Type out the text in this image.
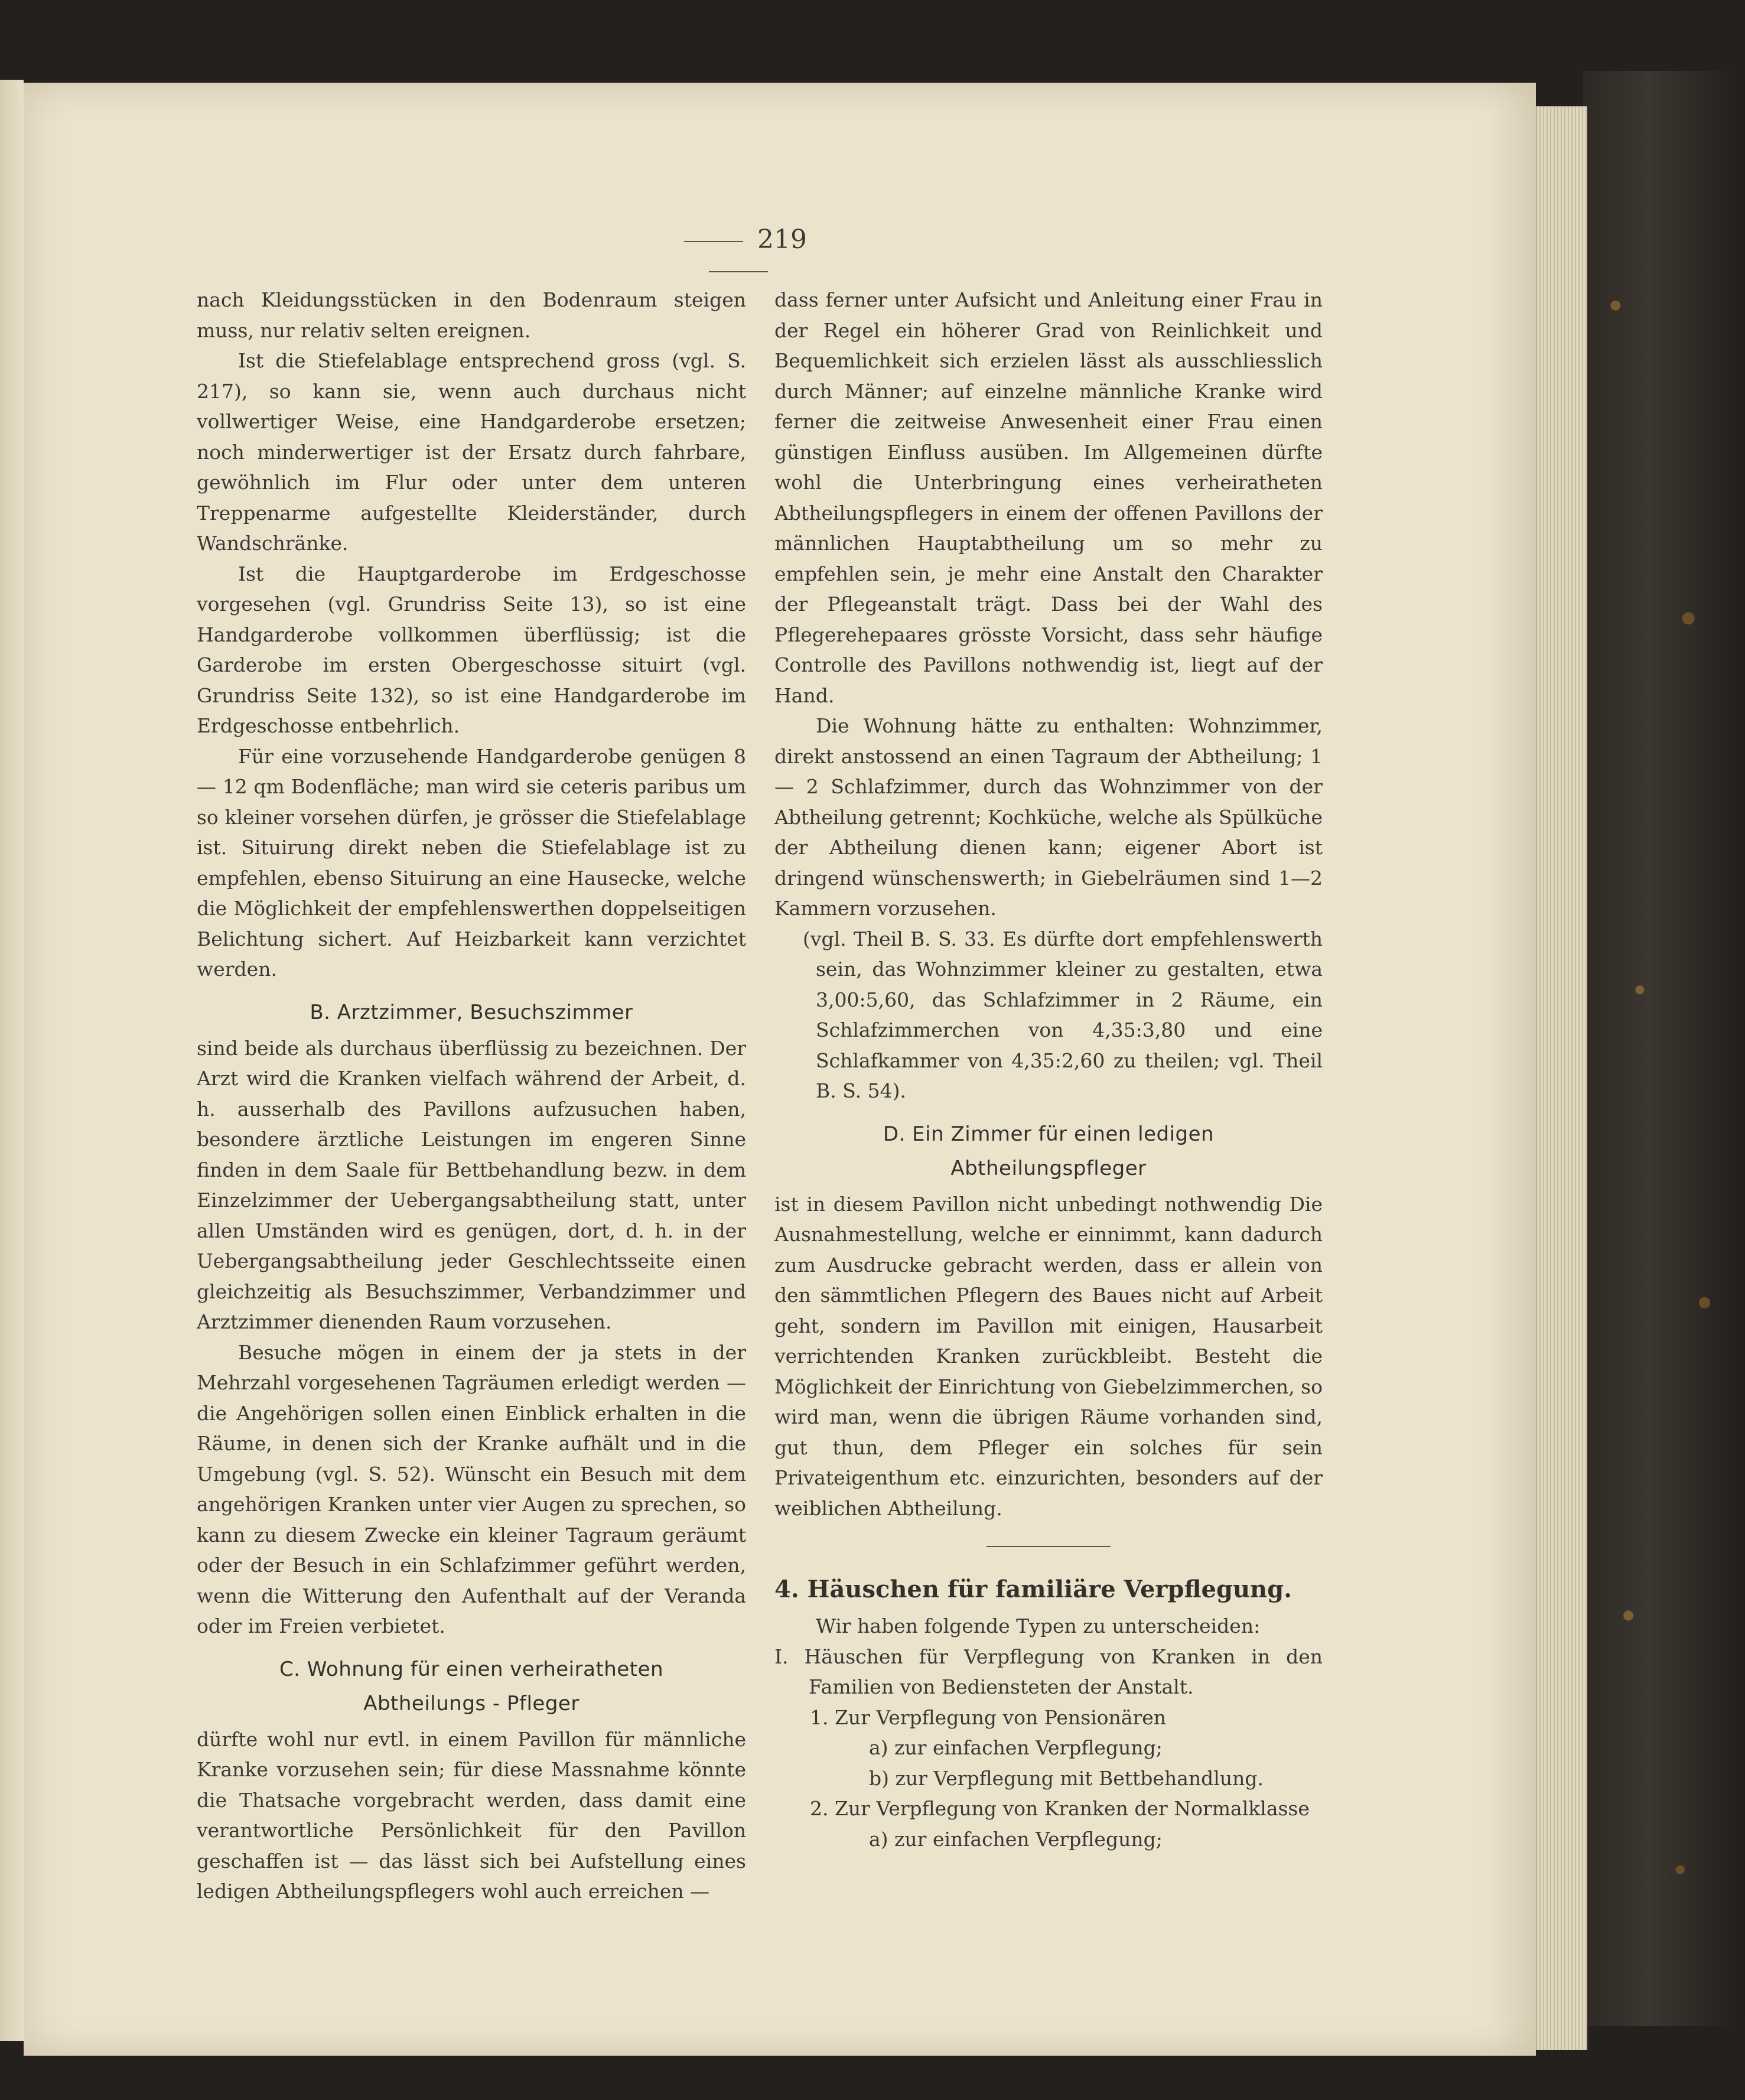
219

nach Kleidungsstücken in den Bodenraum steigen muss, nur relativ selten ereignen.

Ist die Stiefelablage entsprechend gross (vgl. S. 217), so kann sie, wenn auch durchaus nicht vollwertiger Weise, eine Handgarderobe ersetzen; noch minderwertiger ist der Ersatz durch fahrbare, gewöhnlich im Flur oder unter dem unteren Treppenarme aufgestellte Kleiderständer, durch Wandschränke.

Ist die Hauptgarderobe im Erdgeschosse vorgesehen (vgl. Grundriss Seite 13), so ist eine Handgarderobe vollkommen überflüssig; ist die Garderobe im ersten Obergeschosse situirt (vgl. Grundriss Seite 132), so ist eine Handgarderobe im Erdgeschosse entbehrlich.

Für eine vorzusehende Handgarderobe genügen 8 — 12 qm Bodenfläche; man wird sie ceteris paribus um so kleiner vorsehen dürfen, je grösser die Stiefelablage ist. Situirung direkt neben die Stiefelablage ist zu empfehlen, ebenso Situirung an eine Hausecke, welche die Möglichkeit der empfehlenswerthen doppelseitigen Belichtung sichert. Auf Heizbarkeit kann verzichtet werden.

B. Arztzimmer, Besuchszimmer

sind beide als durchaus überflüssig zu bezeichnen. Der Arzt wird die Kranken vielfach während der Arbeit, d. h. ausserhalb des Pavillons aufzusuchen haben, besondere ärztliche Leistungen im engeren Sinne finden in dem Saale für Bettbehandlung bezw. in dem Einzelzimmer der Uebergangsabtheilung statt, unter allen Umständen wird es genügen, dort, d. h. in der Uebergangsabtheilung jeder Geschlechtsseite einen gleichzeitig als Besuchszimmer, Verbandzimmer und Arztzimmer dienenden Raum vorzusehen.

Besuche mögen in einem der ja stets in der Mehrzahl vorgesehenen Tagräumen erledigt werden — die Angehörigen sollen einen Einblick erhalten in die Räume, in denen sich der Kranke aufhält und in die Umgebung (vgl. S. 52). Wünscht ein Besuch mit dem angehörigen Kranken unter vier Augen zu sprechen, so kann zu diesem Zwecke ein kleiner Tagraum geräumt oder der Besuch in ein Schlafzimmer geführt werden, wenn die Witterung den Aufenthalt auf der Veranda oder im Freien verbietet.

C. Wohnung für einen verheiratheten
Abtheilungs - Pfleger

dürfte wohl nur evtl. in einem Pavillon für männliche Kranke vorzusehen sein; für diese Massnahme könnte die Thatsache vorgebracht werden, dass damit eine verantwortliche Persönlichkeit für den Pavillon geschaffen ist — das lässt sich bei Aufstellung eines ledigen Abtheilungspflegers wohl auch erreichen —

dass ferner unter Aufsicht und Anleitung einer Frau in der Regel ein höherer Grad von Reinlichkeit und Bequemlichkeit sich erzielen lässt als ausschliesslich durch Männer; auf einzelne männliche Kranke wird ferner die zeitweise Anwesenheit einer Frau einen günstigen Einfluss ausüben. Im Allgemeinen dürfte wohl die Unterbringung eines verheiratheten Abtheilungspflegers in einem der offenen Pavillons der männlichen Hauptabtheilung um so mehr zu empfehlen sein, je mehr eine Anstalt den Charakter der Pflegeanstalt trägt. Dass bei der Wahl des Pflegerehepaares grösste Vorsicht, dass sehr häufige Controlle des Pavillons nothwendig ist, liegt auf der Hand.

Die Wohnung hätte zu enthalten: Wohnzimmer, direkt anstossend an einen Tagraum der Abtheilung; 1 — 2 Schlafzimmer, durch das Wohnzimmer von der Abtheilung getrennt; Kochküche, welche als Spülküche der Abtheilung dienen kann; eigener Abort ist dringend wünschenswerth; in Giebelräumen sind 1—2 Kammern vorzusehen.

(vgl. Theil B. S. 33. Es dürfte dort empfehlenswerth sein, das Wohnzimmer kleiner zu gestalten, etwa 3,00:5,60, das Schlafzimmer in 2 Räume, ein Schlafzimmerchen von 4,35:3,80 und eine Schlafkammer von 4,35:2,60 zu theilen; vgl. Theil B. S. 54).

D. Ein Zimmer für einen ledigen
Abtheilungspfleger

ist in diesem Pavillon nicht unbedingt nothwendig Die Ausnahmestellung, welche er einnimmt, kann dadurch zum Ausdrucke gebracht werden, dass er allein von den sämmtlichen Pflegern des Baues nicht auf Arbeit geht, sondern im Pavillon mit einigen, Hausarbeit verrichtenden Kranken zurückbleibt. Besteht die Möglichkeit der Einrichtung von Giebelzimmerchen, so wird man, wenn die übrigen Räume vorhanden sind, gut thun, dem Pfleger ein solches für sein Privateigenthum etc. einzurichten, besonders auf der weiblichen Abtheilung.

4. Häuschen für familiäre Verpflegung.

Wir haben folgende Typen zu unterscheiden:

I. Häuschen für Verpflegung von Kranken in den Familien von Bediensteten der Anstalt.

1. Zur Verpflegung von Pensionären

a) zur einfachen Verpflegung;

b) zur Verpflegung mit Bettbehandlung.

2. Zur Verpflegung von Kranken der Normalklasse

a) zur einfachen Verpflegung;
